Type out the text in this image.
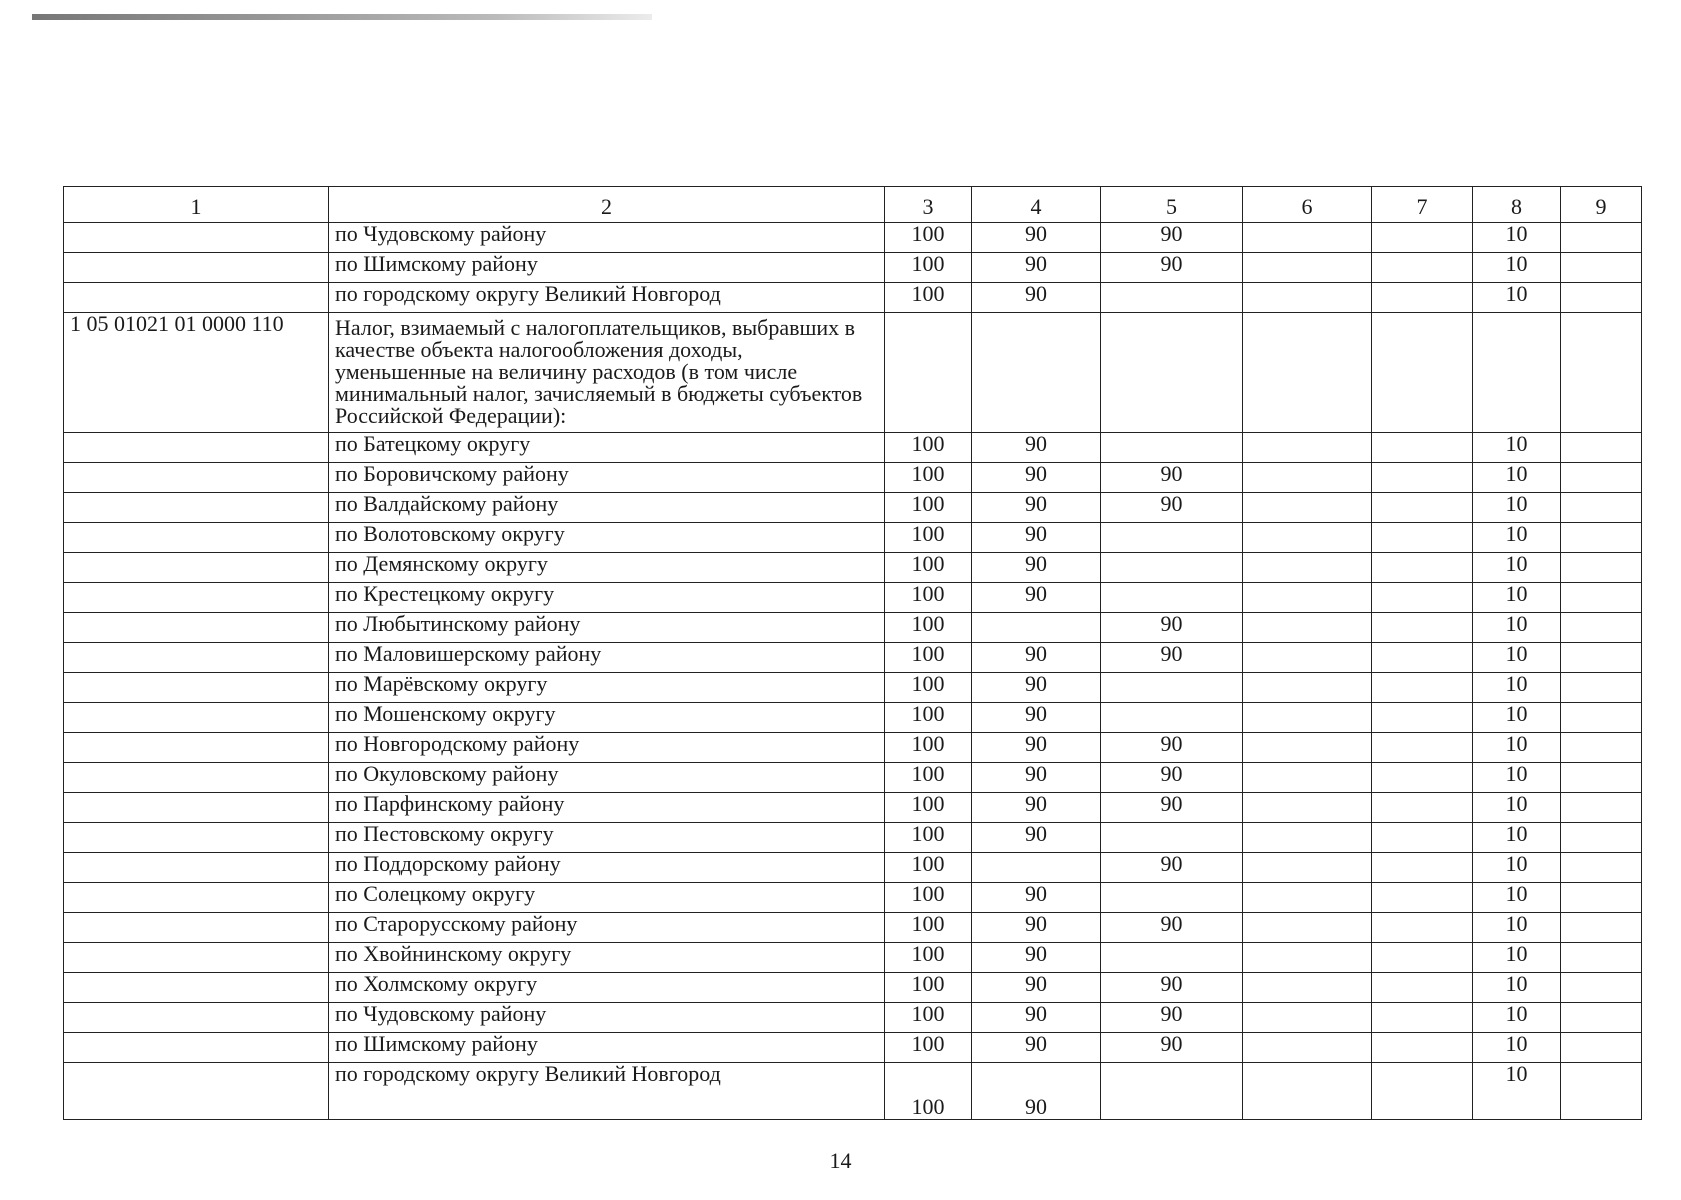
1	2	3	4	5	6	7	8	9
	по Чудовскому району	100	90	90			10	
	по Шимскому району	100	90	90			10	
	по городскому округу Великий Новгород	100	90				10	
1 05 01021 01 0000 110	Налог, взимаемый с налогоплательщиков, выбравших в качестве объекта налогообложения доходы, уменьшенные на величину расходов (в том числе минимальный налог, зачисляемый в бюджеты субъектов Российской Федерации):							
	по Батецкому округу	100	90				10	
	по Боровичскому району	100	90	90			10	
	по Валдайскому району	100	90	90			10	
	по Волотовскому округу	100	90				10	
	по Демянскому округу	100	90				10	
	по Крестецкому округу	100	90				10	
	по Любытинскому району	100		90			10	
	по Маловишерскому району	100	90	90			10	
	по Марёвскому округу	100	90				10	
	по Мошенскому округу	100	90				10	
	по Новгородскому району	100	90	90			10	
	по Окуловскому району	100	90	90			10	
	по Парфинскому району	100	90	90			10	
	по Пестовскому округу	100	90				10	
	по Поддорскому району	100		90			10	
	по Солецкому округу	100	90				10	
	по Старорусскому району	100	90	90			10	
	по Хвойнинскому округу	100	90				10	
	по Холмскому округу	100	90	90			10	
	по Чудовскому району	100	90	90			10	
	по Шимскому району	100	90	90			10	
	по городскому округу Великий Новгород	100	90				10	
14
